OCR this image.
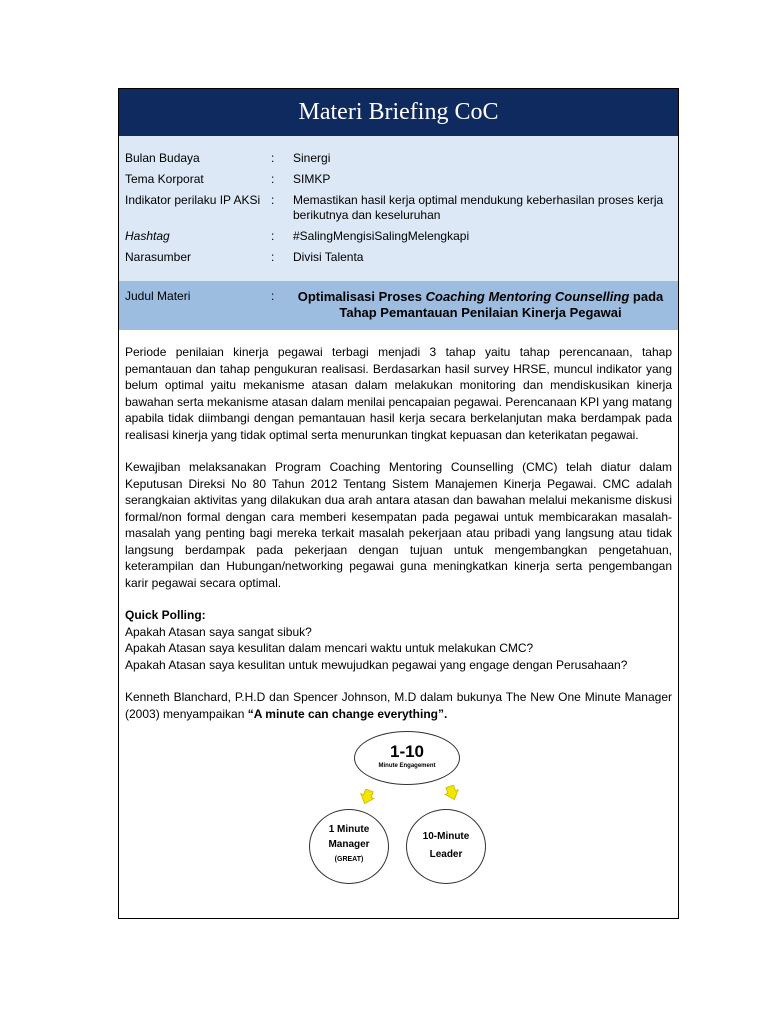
Materi Briefing CoC
Bulan Budaya	:	Sinergi
Tema Korporat	:	SIMKP
Indikator perilaku IP AKSi :	Memastikan hasil kerja optimal mendukung keberhasilan proses kerja berikutnya dan keseluruhan
Hashtag	:	#SalingMengisiSalingMelengkapi
Narasumber	:	Divisi Talenta
Judul Materi	:	Optimalisasi Proses Coaching Mentoring Counselling pada Tahap Pemantauan Penilaian Kinerja Pegawai

Periode penilaian kinerja pegawai terbagi menjadi 3 tahap yaitu tahap perencanaan, tahap pemantauan dan tahap pengukuran realisasi. Berdasarkan hasil survey HRSE, muncul indikator yang belum optimal yaitu mekanisme atasan dalam melakukan monitoring dan mendiskusikan kinerja bawahan serta mekanisme atasan dalam menilai pencapaian pegawai. Perencanaan KPI yang matang apabila tidak diimbangi dengan pemantauan hasil kerja secara berkelanjutan maka berdampak pada realisasi kinerja yang tidak optimal serta menurunkan tingkat kepuasan dan keterikatan pegawai.

Kewajiban melaksanakan Program Coaching Mentoring Counselling (CMC) telah diatur dalam Keputusan Direksi No 80 Tahun 2012 Tentang Sistem Manajemen Kinerja Pegawai. CMC adalah serangkaian aktivitas yang dilakukan dua arah antara atasan dan bawahan melalui mekanisme diskusi formal/non formal dengan cara memberi kesempatan pada pegawai untuk membicarakan masalah-masalah yang penting bagi mereka terkait masalah pekerjaan atau pribadi yang langsung atau tidak langsung berdampak pada pekerjaan dengan tujuan untuk mengembangkan pengetahuan, keterampilan dan Hubungan/networking pegawai guna meningkatkan kinerja serta pengembangan karir pegawai secara optimal.

Quick Polling:
Apakah Atasan saya sangat sibuk?
Apakah Atasan saya kesulitan dalam mencari waktu untuk melakukan CMC?
Apakah Atasan saya kesulitan untuk mewujudkan pegawai yang engage dengan Perusahaan?

Kenneth Blanchard, P.H.D dan Spencer Johnson, M.D dalam bukunya The New One Minute Manager (2003) menyampaikan “A minute can change everything”.

1-10
Minute Engagement
1 Minute
Manager
(GREAT)
10-Minute
Leader
